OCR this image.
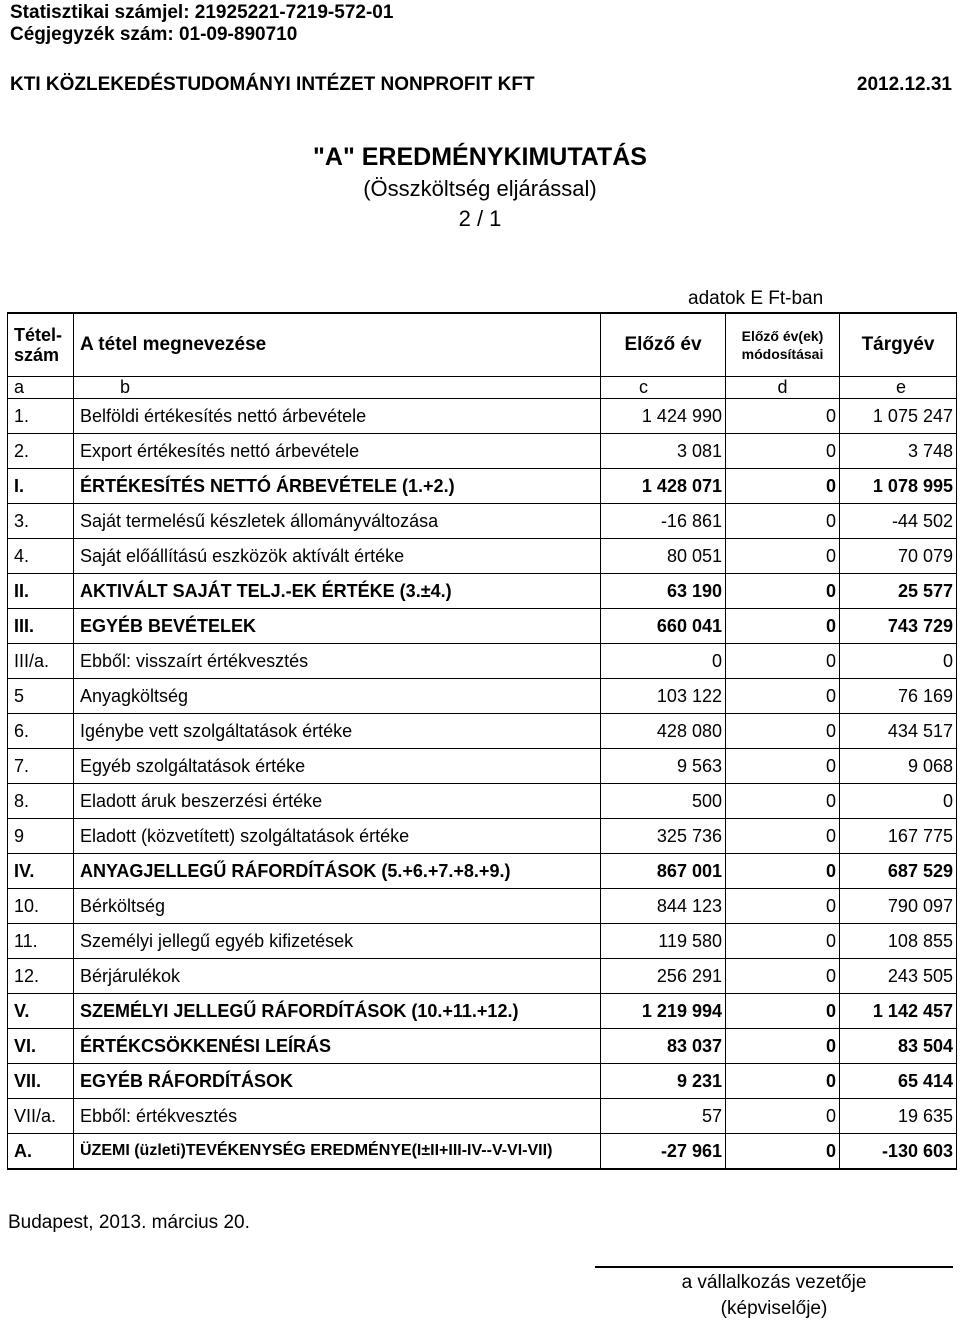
Statisztikai számjel: 21925221-7219-572-01
Cégjegyzék szám: 01-09-890710
KTI KÖZLEKEDÉSTUDOMÁNYI INTÉZET NONPROFIT KFT	2012.12.31
"A" EREDMÉNYKIMUTATÁS
(Összköltség eljárással)
2 / 1
adatok E Ft-ban
Tétel-
szám	A tétel megnevezése	Előző év	Előző év(ek)
módosításai	Tárgyév
a	b	c	d	e
1.	Belföldi értékesítés nettó árbevétele	1 424 990	0	1 075 247
2.	Export értékesítés nettó árbevétele	3 081	0	3 748
I.	ÉRTÉKESÍTÉS NETTÓ ÁRBEVÉTELE (1.+2.)	1 428 071	0	1 078 995
3.	Saját termelésű készletek állományváltozása	-16 861	0	-44 502
4.	Saját előállítású eszközök aktívált értéke	80 051	0	70 079
II.	AKTIVÁLT SAJÁT TELJ.-EK ÉRTÉKE (3.±4.)	63 190	0	25 577
III.	EGYÉB BEVÉTELEK	660 041	0	743 729
III/a.	Ebből: visszaírt értékvesztés	0	0	0
5	Anyagköltség	103 122	0	76 169
6.	Igénybe vett szolgáltatások értéke	428 080	0	434 517
7.	Egyéb szolgáltatások értéke	9 563	0	9 068
8.	Eladott áruk beszerzési értéke	500	0	0
9	Eladott (közvetített) szolgáltatások értéke	325 736	0	167 775
IV.	ANYAGJELLEGŰ RÁFORDÍTÁSOK (5.+6.+7.+8.+9.)	867 001	0	687 529
10.	Bérköltség	844 123	0	790 097
11.	Személyi jellegű egyéb kifizetések	119 580	0	108 855
12.	Bérjárulékok	256 291	0	243 505
V.	SZEMÉLYI JELLEGŰ RÁFORDÍTÁSOK (10.+11.+12.)	1 219 994	0	1 142 457
VI.	ÉRTÉKCSÖKKENÉSI LEÍRÁS	83 037	0	83 504
VII.	EGYÉB RÁFORDÍTÁSOK	9 231	0	65 414
VII/a.	Ebből: értékvesztés	57	0	19 635
A.	ÜZEMI (üzleti)TEVÉKENYSÉG EREDMÉNYE(I±II+III-IV--V-VI-VII)	-27 961	0	-130 603
Budapest, 2013. március 20.
a vállalkozás vezetője
(képviselője)
